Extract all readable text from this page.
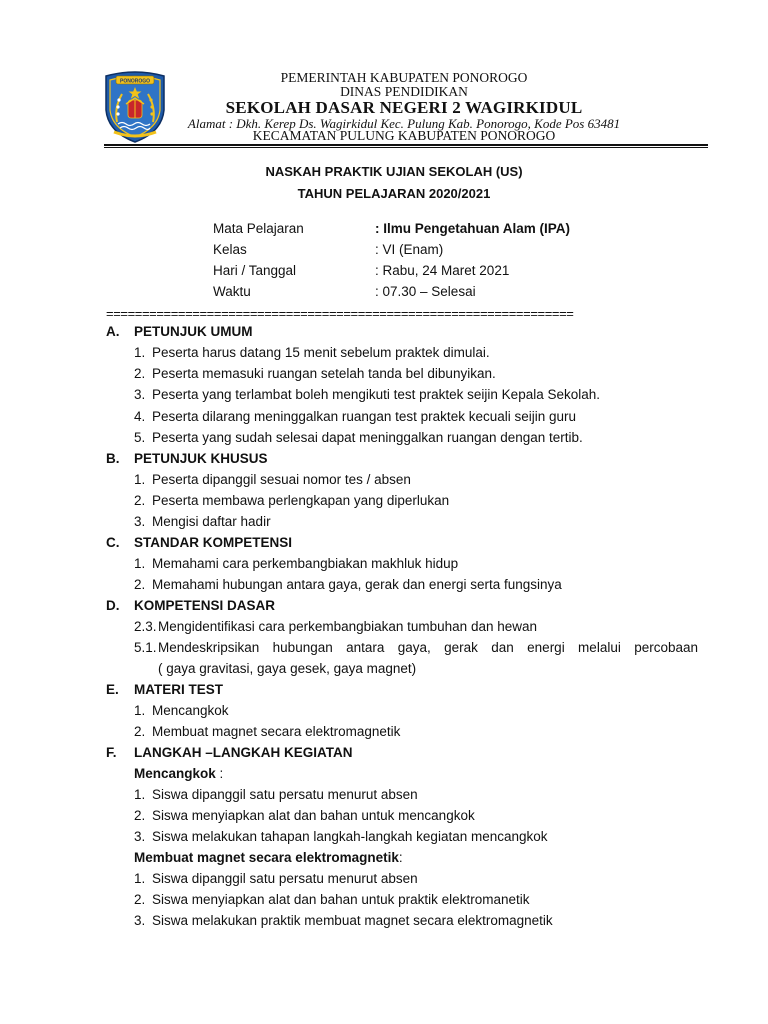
PONOROGO	PEMERINTAH KABUPATEN PONOROGO
DINAS PENDIDIKAN
SEKOLAH DASAR NEGERI 2 WAGIRKIDUL
Alamat : Dkh. Kerep Ds. Wagirkidul Kec. Pulung Kab. Ponorogo, Kode Pos 63481
KECAMATAN PULUNG KABUPATEN PONOROGO
NASKAH PRAKTIK UJIAN SEKOLAH (US)
TAHUN PELAJARAN 2020/2021
Mata Pelajaran	: Ilmu Pengetahuan Alam (IPA)
Kelas	: VI (Enam)
Hari / Tanggal	: Rabu, 24 Maret 2021
Waktu	: 07.30 – Selesai
=================================================================
A. PETUNJUK UMUM
1. Peserta harus datang 15 menit sebelum praktek dimulai.
2. Peserta memasuki ruangan setelah tanda bel dibunyikan.
3. Peserta yang terlambat boleh mengikuti test praktek seijin Kepala Sekolah.
4. Peserta dilarang meninggalkan ruangan test praktek kecuali seijin guru
5. Peserta yang sudah selesai dapat meninggalkan ruangan dengan tertib.
B. PETUNJUK KHUSUS
1. Peserta dipanggil sesuai nomor tes / absen
2. Peserta membawa perlengkapan yang diperlukan
3. Mengisi daftar hadir
C. STANDAR KOMPETENSI
1. Memahami cara perkembangbiakan makhluk hidup
2. Memahami hubungan antara gaya, gerak dan energi serta fungsinya
D. KOMPETENSI DASAR
2.3. Mengidentifikasi cara perkembangbiakan tumbuhan dan hewan
5.1. Mendeskripsikan hubungan antara gaya, gerak dan energi melalui percobaan
( gaya gravitasi, gaya gesek, gaya magnet)
E. MATERI TEST
1. Mencangkok
2. Membuat magnet secara elektromagnetik
F. LANGKAH –LANGKAH KEGIATAN
Mencangkok :
1. Siswa dipanggil satu persatu menurut absen
2. Siswa menyiapkan alat dan bahan untuk mencangkok
3. Siswa melakukan tahapan langkah-langkah kegiatan mencangkok
Membuat magnet secara elektromagnetik:
1. Siswa dipanggil satu persatu menurut absen
2. Siswa menyiapkan alat dan bahan untuk praktik elektromanetik
3. Siswa melakukan praktik membuat magnet secara elektromagnetik
